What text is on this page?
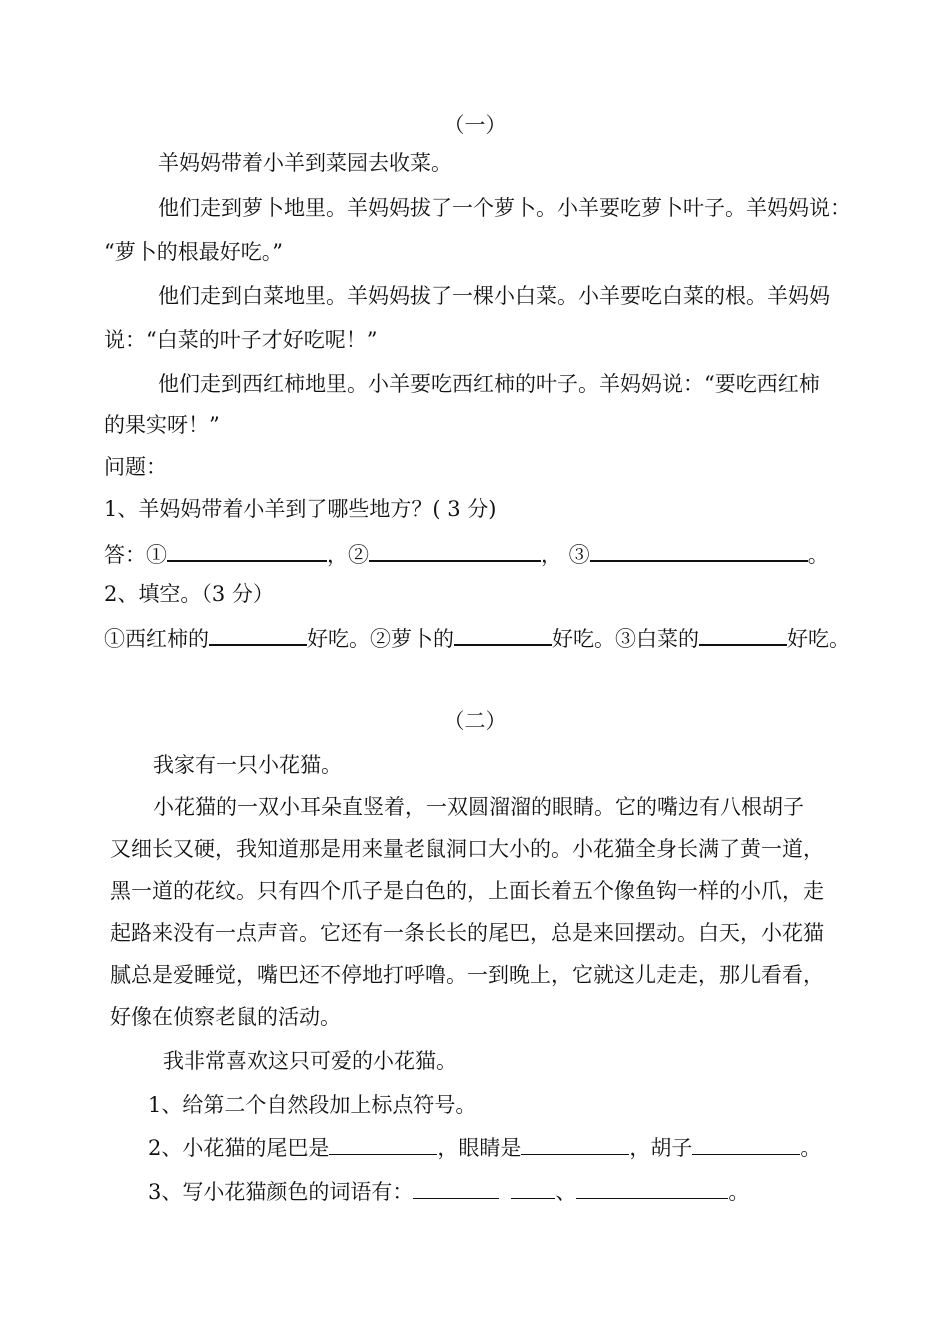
（一）
羊妈妈带着小羊到菜园去收菜。
他们走到萝卜地里。羊妈妈拔了一个萝卜。小羊要吃萝卜叶子。羊妈妈说：
“萝卜的根最好吃。”
他们走到白菜地里。羊妈妈拔了一棵小白菜。小羊要吃白菜的根。羊妈妈
说：“白菜的叶子才好吃呢！”
他们走到西红柿地里。小羊要吃西红柿的叶子。羊妈妈说：“要吃西红柿
的果实呀！”
问题：
1、羊妈妈带着小羊到了哪些地方？( 3 分)
答：①	，②	， ③	。
2、填空。（3 分）
①西红柿的	好吃。②萝卜的	好吃。③白菜的	好吃。
（二）
我家有一只小花猫。
小花猫的一双小耳朵直竖着，一双圆溜溜的眼睛。它的嘴边有八根胡子
又细长又硬，我知道那是用来量老鼠洞口大小的。小花猫全身长满了黄一道，
黑一道的花纹。只有四个爪子是白色的，上面长着五个像鱼钩一样的小爪，走
起路来没有一点声音。它还有一条长长的尾巴，总是来回摆动。白天，小花猫
腻总是爱睡觉，嘴巴还不停地打呼噜。一到晚上，它就这儿走走，那儿看看，
好像在侦察老鼠的活动。
我非常喜欢这只可爱的小花猫。
1、给第二个自然段加上标点符号。
2、小花猫的尾巴是	，眼睛是	，胡子	。
3、写小花猫颜色的词语有：	、	。
